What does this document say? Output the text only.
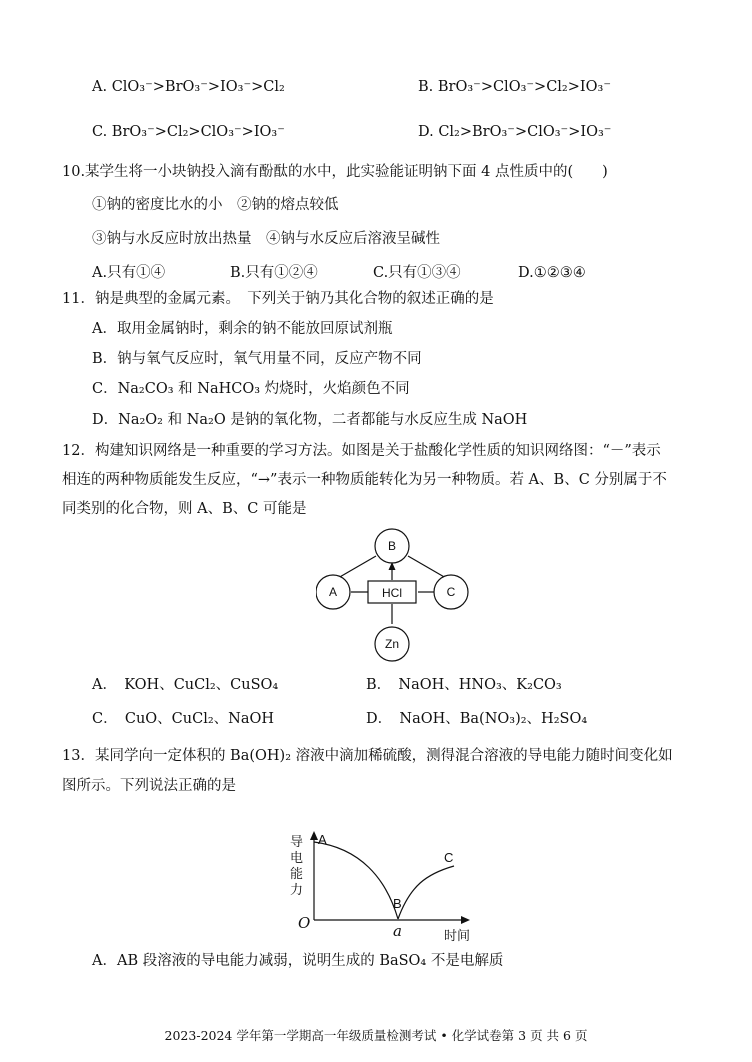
A. ClO₃⁻>BrO₃⁻>IO₃⁻>Cl₂	B. BrO₃⁻>ClO₃⁻>Cl₂>IO₃⁻
C. BrO₃⁻>Cl₂>ClO₃⁻>IO₃⁻	D. Cl₂>BrO₃⁻>ClO₃⁻>IO₃⁻
10.某学生将一小块钠投入滴有酚酞的水中，此实验能证明钠下面 4 点性质中的(　　)
①钠的密度比水的小　②钠的熔点较低
③钠与水反应时放出热量　④钠与水反应后溶液呈碱性
A.只有①④	B.只有①②④	C.只有①③④	D.①②③④
11．钠是典型的金属元素。　下列关于钠乃其化合物的叙述正确的是
A．取用金属钠时，剩余的钠不能放回原试剂瓶
B．钠与氧气反应时，氧气用量不同，反应产物不同
C．Na₂CO₃ 和 NaHCO₃ 灼烧时，火焰颜色不同
D．Na₂O₂ 和 Na₂O 是钠的氧化物，二者都能与水反应生成 NaOH
12．构建知识网络是一种重要的学习方法。如图是关于盐酸化学性质的知识网络图：“－”表示
相连的两种物质能发生反应，“→”表示一种物质能转化为另一种物质。若 A、B、C 分别属于不
同类别的化合物，则 A、B、C 可能是
B
A	C
HCl
Zn
A． KOH、CuCl₂、CuSO₄	B． NaOH、HNO₃、K₂CO₃
C． CuO、CuCl₂、NaOH	D． NaOH、Ba(NO₃)₂、H₂SO₄
13．某同学向一定体积的 Ba(OH)₂ 溶液中滴加稀硫酸，测得混合溶液的导电能力随时间变化如
图所示。下列说法正确的是
导
电
能
力
时间
A
B
C
O	a
A．AB 段溶液的导电能力减弱，说明生成的 BaSO₄ 不是电解质
2023-2024 学年第一学期高一年级质量检测考试 • 化学试卷第 3 页 共 6 页
